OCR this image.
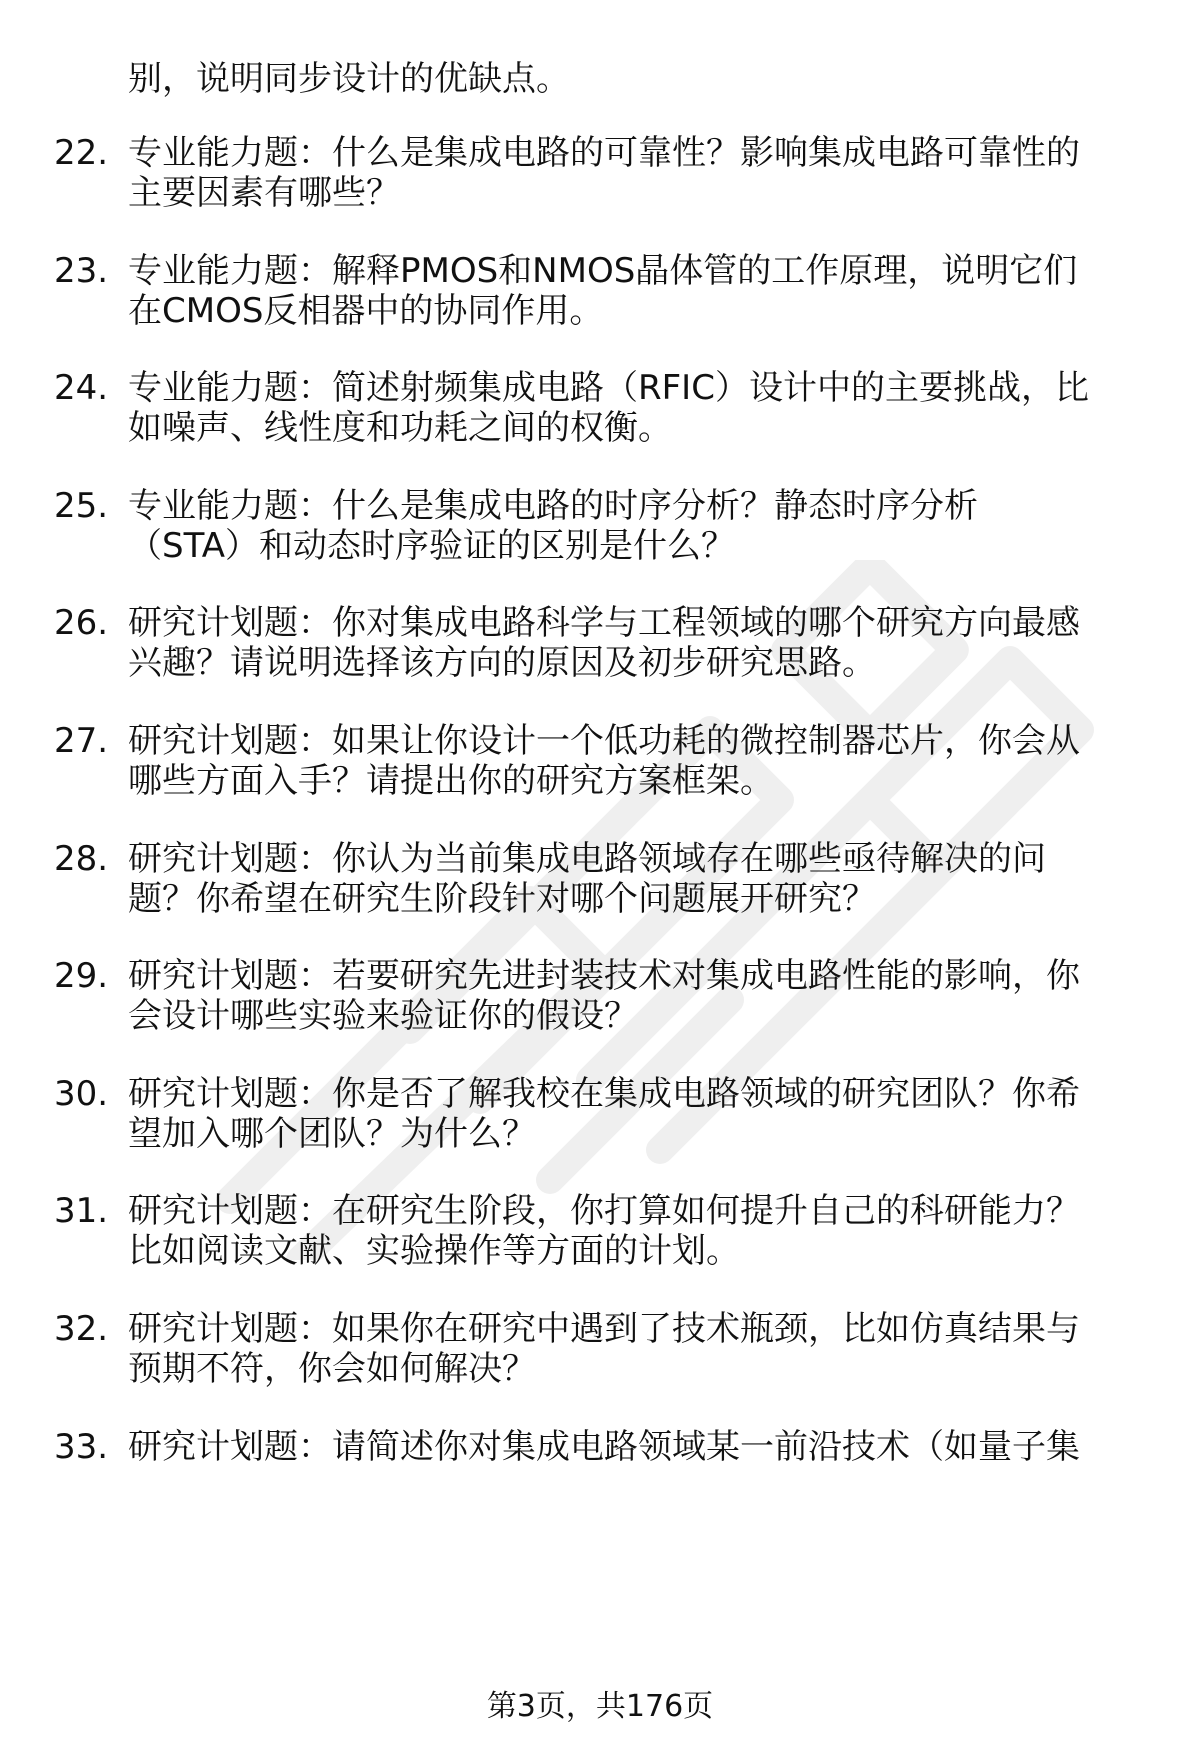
别，说明同步设计的优缺点。
22. 专业能力题：什么是集成电路的可靠性？影响集成电路可靠性的
主要因素有哪些？
23. 专业能力题：解释PMOS和NMOS晶体管的工作原理，说明它们
在CMOS反相器中的协同作用。
24. 专业能力题：简述射频集成电路（RFIC）设计中的主要挑战，比
如噪声、线性度和功耗之间的权衡。
25. 专业能力题：什么是集成电路的时序分析？静态时序分析
（STA）和动态时序验证的区别是什么？
26. 研究计划题：你对集成电路科学与工程领域的哪个研究方向最感
兴趣？请说明选择该方向的原因及初步研究思路。
27. 研究计划题：如果让你设计一个低功耗的微控制器芯片，你会从
哪些方面入手？请提出你的研究方案框架。
28. 研究计划题：你认为当前集成电路领域存在哪些亟待解决的问
题？你希望在研究生阶段针对哪个问题展开研究？
29. 研究计划题：若要研究先进封装技术对集成电路性能的影响，你
会设计哪些实验来验证你的假设？
30. 研究计划题：你是否了解我校在集成电路领域的研究团队？你希
望加入哪个团队？为什么？
31. 研究计划题：在研究生阶段，你打算如何提升自己的科研能力？
比如阅读文献、实验操作等方面的计划。
32. 研究计划题：如果你在研究中遇到了技术瓶颈，比如仿真结果与
预期不符，你会如何解决？
33. 研究计划题：请简述你对集成电路领域某一前沿技术（如量子集
第3页，共176页
